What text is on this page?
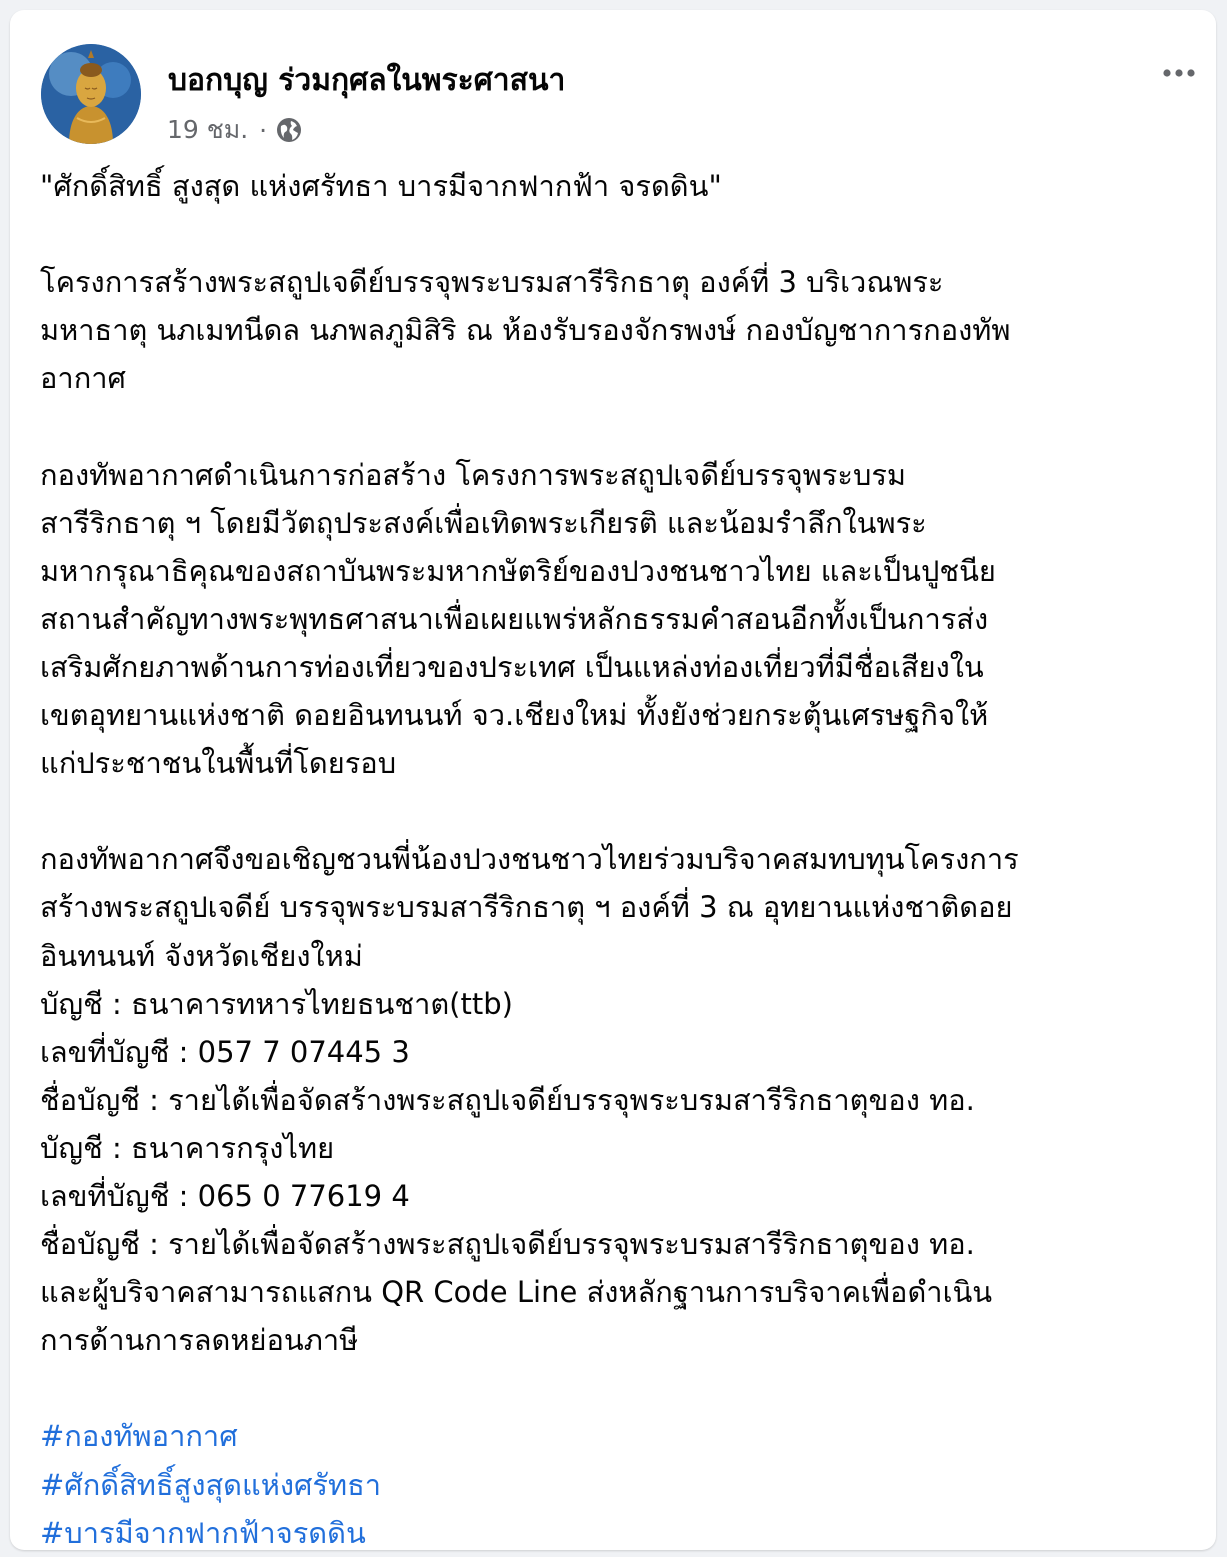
บอกบุญ ร่วมกุศลในพระศาสนา
19 ชม. ·
"ศักดิ์สิทธิ์ สูงสุด แห่งศรัทธา บารมีจากฟากฟ้า จรดดิน"
โครงการสร้างพระสถูปเจดีย์บรรจุพระบรมสารีริกธาตุ องค์ที่ 3 บริเวณพระ
มหาธาตุ นภเมทนีดล นภพลภูมิสิริ ณ ห้องรับรองจักรพงษ์ กองบัญชาการกองทัพ
อากาศ
กองทัพอากาศดำเนินการก่อสร้าง โครงการพระสถูปเจดีย์บรรจุพระบรม
สารีริกธาตุ ฯ โดยมีวัตถุประสงค์เพื่อเทิดพระเกียรติ และน้อมรำลึกในพระ
มหากรุณาธิคุณของสถาบันพระมหากษัตริย์ของปวงชนชาวไทย และเป็นปูชนีย
สถานสำคัญทางพระพุทธศาสนาเพื่อเผยแพร่หลักธรรมคำสอนอีกทั้งเป็นการส่ง
เสริมศักยภาพด้านการท่องเที่ยวของประเทศ เป็นแหล่งท่องเที่ยวที่มีชื่อเสียงใน
เขตอุทยานแห่งชาติ ดอยอินทนนท์ จว.เชียงใหม่ ทั้งยังช่วยกระตุ้นเศรษฐกิจให้
แก่ประชาชนในพื้นที่โดยรอบ
กองทัพอากาศจึงขอเชิญชวนพี่น้องปวงชนชาวไทยร่วมบริจาคสมทบทุนโครงการ
สร้างพระสถูปเจดีย์ บรรจุพระบรมสารีริกธาตุ ฯ องค์ที่ 3 ณ อุทยานแห่งชาติดอย
อินทนนท์ จังหวัดเชียงใหม่
บัญชี : ธนาคารทหารไทยธนชาต(ttb)
เลขที่บัญชี : 057 7 07445 3
ชื่อบัญชี : รายได้เพื่อจัดสร้างพระสถูปเจดีย์บรรจุพระบรมสารีริกธาตุของ ทอ.
บัญชี : ธนาคารกรุงไทย
เลขที่บัญชี : 065 0 77619 4
ชื่อบัญชี : รายได้เพื่อจัดสร้างพระสถูปเจดีย์บรรจุพระบรมสารีริกธาตุของ ทอ.
และผู้บริจาคสามารถแสกน QR Code Line ส่งหลักฐานการบริจาคเพื่อดำเนิน
การด้านการลดหย่อนภาษี
#กองทัพอากาศ
#ศักดิ์สิทธิ์สูงสุดแห่งศรัทธา
#บารมีจากฟากฟ้าจรดดิน
